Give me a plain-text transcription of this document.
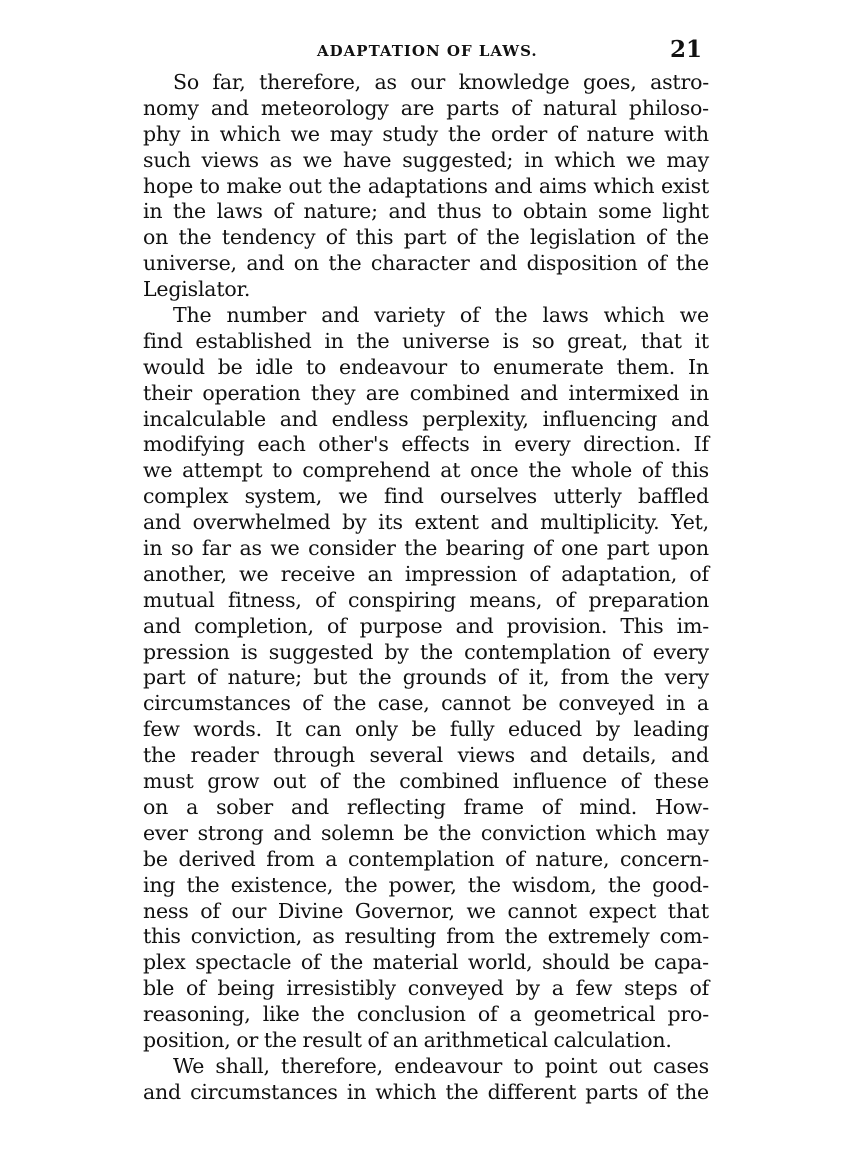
ADAPTATION OF LAWS.	21
So far, therefore, as our knowledge goes, astro-
nomy and meteorology are parts of natural philoso-
phy in which we may study the order of nature with
such views as we have suggested; in which we may
hope to make out the adaptations and aims which exist
in the laws of nature; and thus to obtain some light
on the tendency of this part of the legislation of the
universe, and on the character and disposition of the
Legislator.
The number and variety of the laws which we
find established in the universe is so great, that it
would be idle to endeavour to enumerate them. In
their operation they are combined and intermixed in
incalculable and endless perplexity, influencing and
modifying each other's effects in every direction. If
we attempt to comprehend at once the whole of this
complex system, we find ourselves utterly baffled
and overwhelmed by its extent and multiplicity. Yet,
in so far as we consider the bearing of one part upon
another, we receive an impression of adaptation, of
mutual fitness, of conspiring means, of preparation
and completion, of purpose and provision. This im-
pression is suggested by the contemplation of every
part of nature; but the grounds of it, from the very
circumstances of the case, cannot be conveyed in a
few words. It can only be fully educed by leading
the reader through several views and details, and
must grow out of the combined influence of these
on a sober and reflecting frame of mind. How-
ever strong and solemn be the conviction which may
be derived from a contemplation of nature, concern-
ing the existence, the power, the wisdom, the good-
ness of our Divine Governor, we cannot expect that
this conviction, as resulting from the extremely com-
plex spectacle of the material world, should be capa-
ble of being irresistibly conveyed by a few steps of
reasoning, like the conclusion of a geometrical pro-
position, or the result of an arithmetical calculation.
We shall, therefore, endeavour to point out cases
and circumstances in which the different parts of the
